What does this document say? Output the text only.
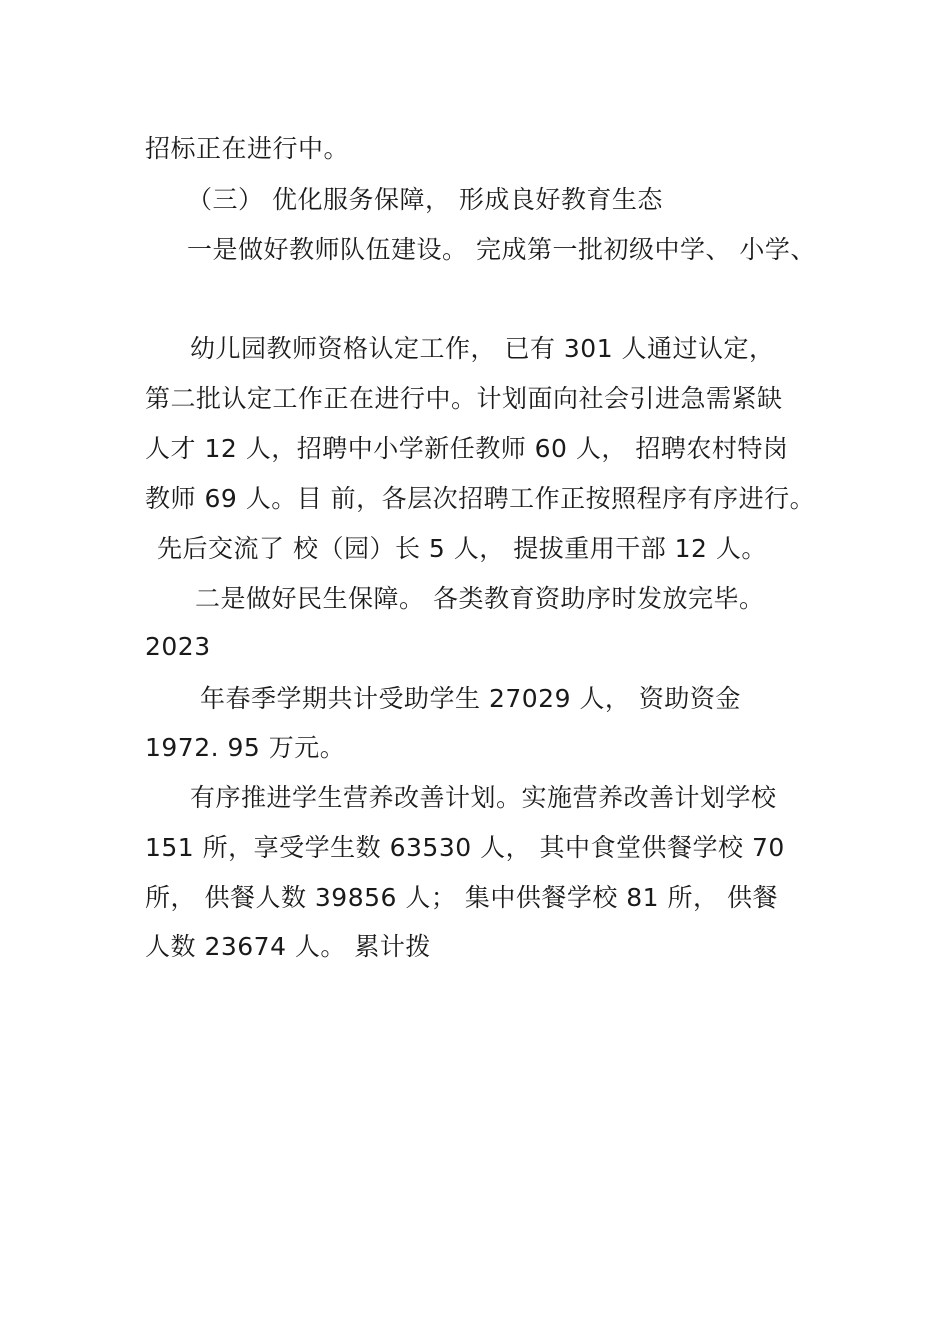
招标正在进行中。
（三） 优化服务保障， 形成良好教育生态
一是做好教师队伍建设。 完成第一批初级中学、 小学、
幼儿园教师资格认定工作， 已有 301 人通过认定，
第二批认定工作正在进行中。计划面向社会引进急需紧缺
人才 12 人，招聘中小学新任教师 60 人， 招聘农村特岗
教师 69 人。目 前，各层次招聘工作正按照程序有序进行。
先后交流了 校（园）长 5 人， 提拔重用干部 12 人。
二是做好民生保障。 各类教育资助序时发放完毕。
2023
年春季学期共计受助学生 27029 人， 资助资金
1972. 95 万元。
有序推进学生营养改善计划。实施营养改善计划学校
151 所，享受学生数 63530 人， 其中食堂供餐学校 70
所， 供餐人数 39856 人； 集中供餐学校 81 所， 供餐
人数 23674 人。 累计拨
